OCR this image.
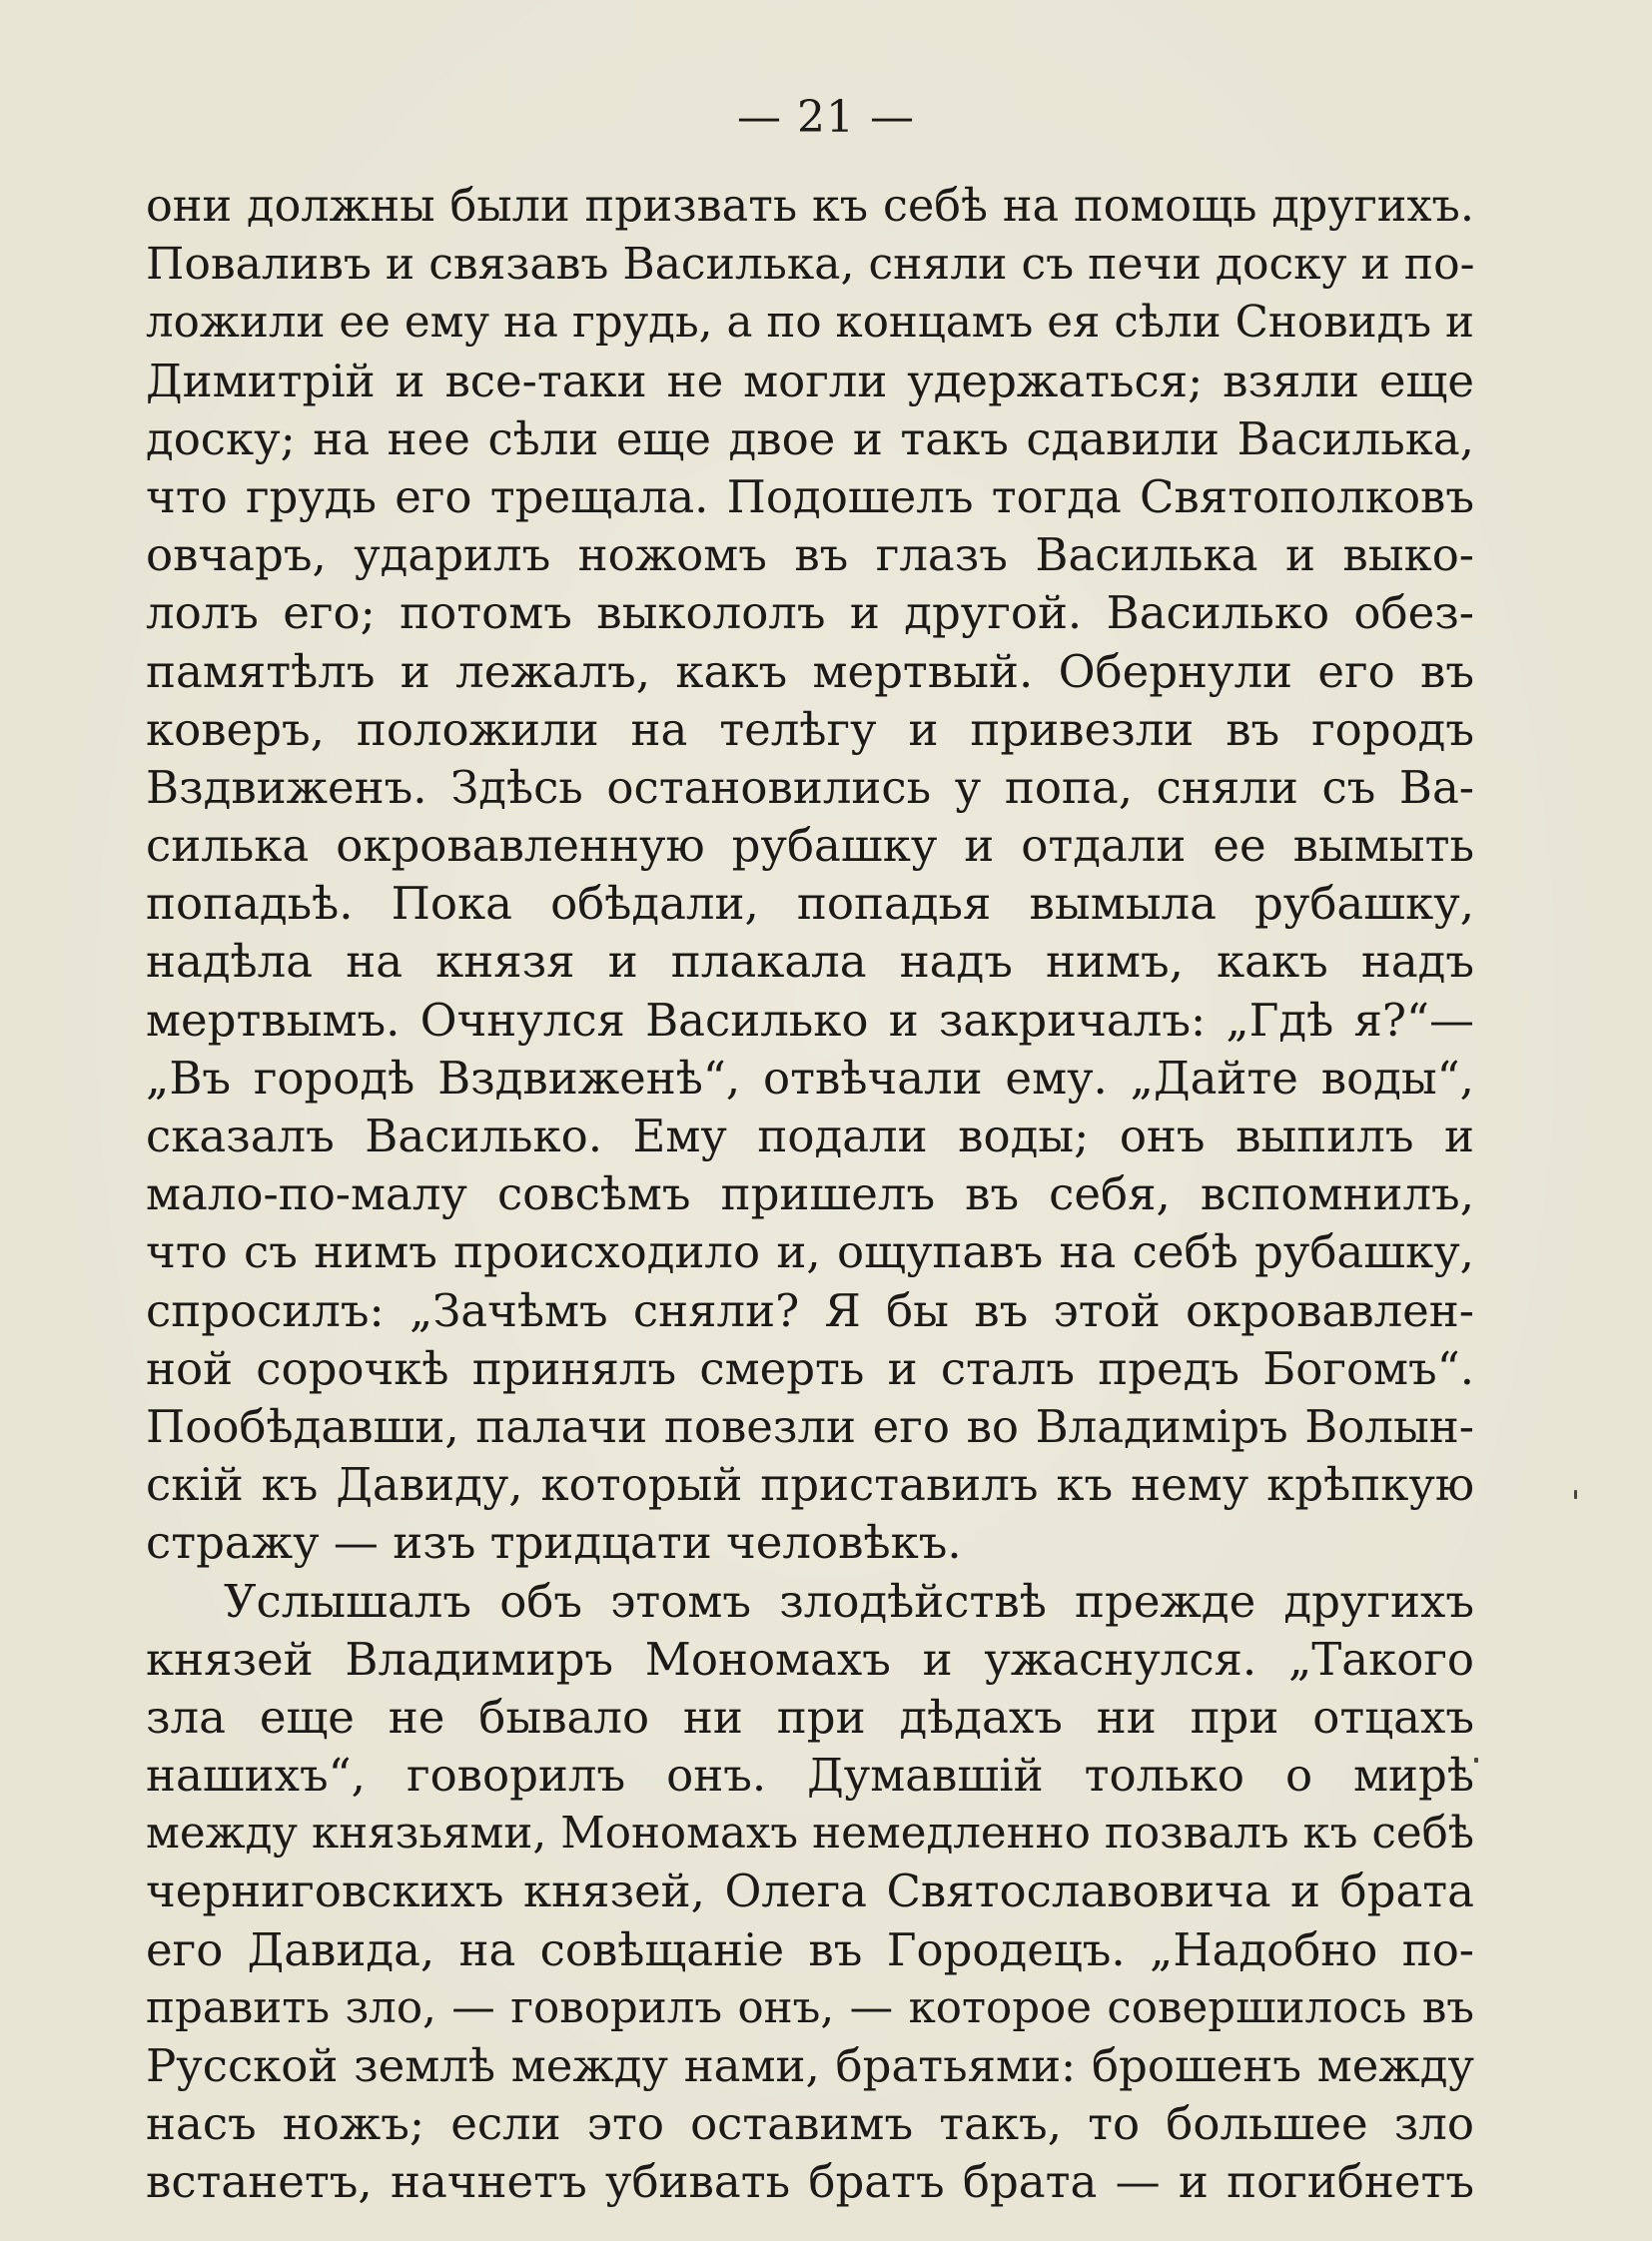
— 21 —
они должны были призвать къ себѣ на помощь другихъ.
Поваливъ и связавъ Василька, сняли съ печи доску и по-
ложили ее ему на грудь, а по концамъ ея сѣли Сновидъ и
Димитрій и все-таки не могли удержаться; взяли еще
доску; на нее сѣли еще двое и такъ сдавили Василька,
что грудь его трещала. Подошелъ тогда Святополковъ
овчаръ, ударилъ ножомъ въ глазъ Василька и выко-
лолъ его; потомъ выкололъ и другой. Василько обез-
памятѣлъ и лежалъ, какъ мертвый. Обернули его въ
коверъ, положили на телѣгу и привезли въ городъ
Вздвиженъ. Здѣсь остановились у попа, сняли съ Ва-
силька окровавленную рубашку и отдали ее вымыть
попадьѣ. Пока обѣдали, попадья вымыла рубашку,
надѣла на князя и плакала надъ нимъ, какъ надъ
мертвымъ. Очнулся Василько и закричалъ: „Гдѣ я?“—
„Въ городѣ Вздвиженѣ“, отвѣчали ему. „Дайте воды“,
сказалъ Василько. Ему подали воды; онъ выпилъ и
мало-по-малу совсѣмъ пришелъ въ себя, вспомнилъ,
что съ нимъ происходило и, ощупавъ на себѣ рубашку,
спросилъ: „Зачѣмъ сняли? Я бы въ этой окровавлен-
ной сорочкѣ принялъ смерть и сталъ предъ Богомъ“.
Пообѣдавши, палачи повезли его во Владиміръ Волын-
скій къ Давиду, который приставилъ къ нему крѣпкую
стражу — изъ тридцати человѣкъ.
Услышалъ объ этомъ злодѣйствѣ прежде другихъ
князей Владимиръ Мономахъ и ужаснулся. „Такого
зла еще не бывало ни при дѣдахъ ни при отцахъ
нашихъ“, говорилъ онъ. Думавшій только о мирѣ
между князьями, Мономахъ немедленно позвалъ къ себѣ
черниговскихъ князей, Олега Святославовича и брата
его Давида, на совѣщаніе въ Городецъ. „Надобно по-
править зло, — говорилъ онъ, — которое совершилось въ
Русской землѣ между нами, братьями: брошенъ между
насъ ножъ; если это оставимъ такъ, то большее зло
встанетъ, начнетъ убивать братъ брата — и погибнетъ
